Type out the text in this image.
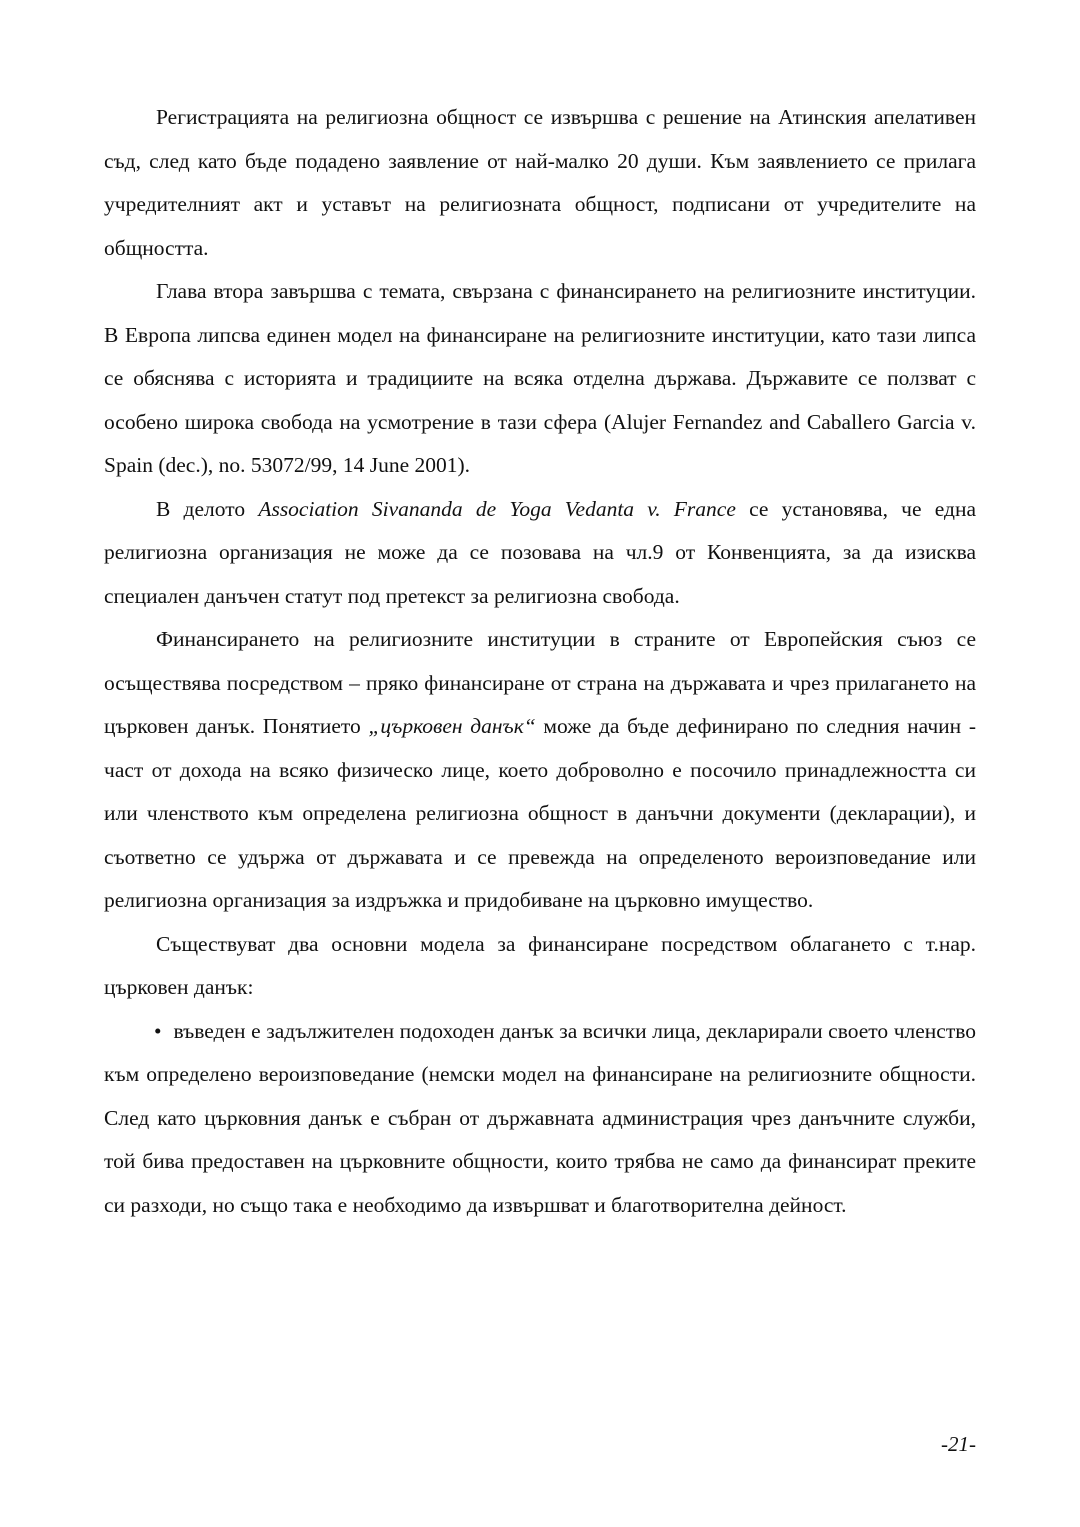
Регистрацията на религиозна общност се извършва с решение на Атинския апелативен съд, след като бъде подадено заявление от най-малко 20 души. Към заявлението се прилага учредителният акт и уставът на религиозната общност, подписани от учредителите на общността.

Глава втора завършва с темата, свързана с финансирането на религиозните институции. В Европа липсва единен модел на финансиране на религиозните институции, като тази липса се обяснява с историята и традициите на всяка отделна държава. Държавите се ползват с особено широка свобода на усмотрение в тази сфера (Alujer Fernandez and Caballero Garcia v. Spain (dec.), no. 53072/99, 14 June 2001).

В делото Association Sivananda de Yoga Vedanta v. France се установява, че една религиозна организация не може да се позовава на чл.9 от Конвенцията, за да изисква специален данъчен статут под претекст за религиозна свобода.

Финансирането на религиозните институции в страните от Европейския съюз се осъществява посредством – пряко финансиране от страна на държавата и чрез прилагането на църковен данък. Понятието „църковен данък“ може да бъде дефинирано по следния начин - част от дохода на всяко физическо лице, което доброволно е посочило принадлежността си или членството към определена религиозна общност в данъчни документи (декларации), и съответно се удържа от държавата и се превежда на определеното вероизповедание или религиозна организация за издръжка и придобиване на църковно имущество.

Съществуват два основни модела за финансиране посредством облагането с т.нар. църковен данък:

• въведен е задължителен подоходен данък за всички лица, декларирали своето членство към определено вероизповедание (немски модел на финансиране на религиозните общности. След като църковния данък е събран от държавната администрация чрез данъчните служби, той бива предоставен на църковните общности, които трябва не само да финансират преките си разходи, но също така е необходимо да извършват и благотворителна дейност.

-21-
